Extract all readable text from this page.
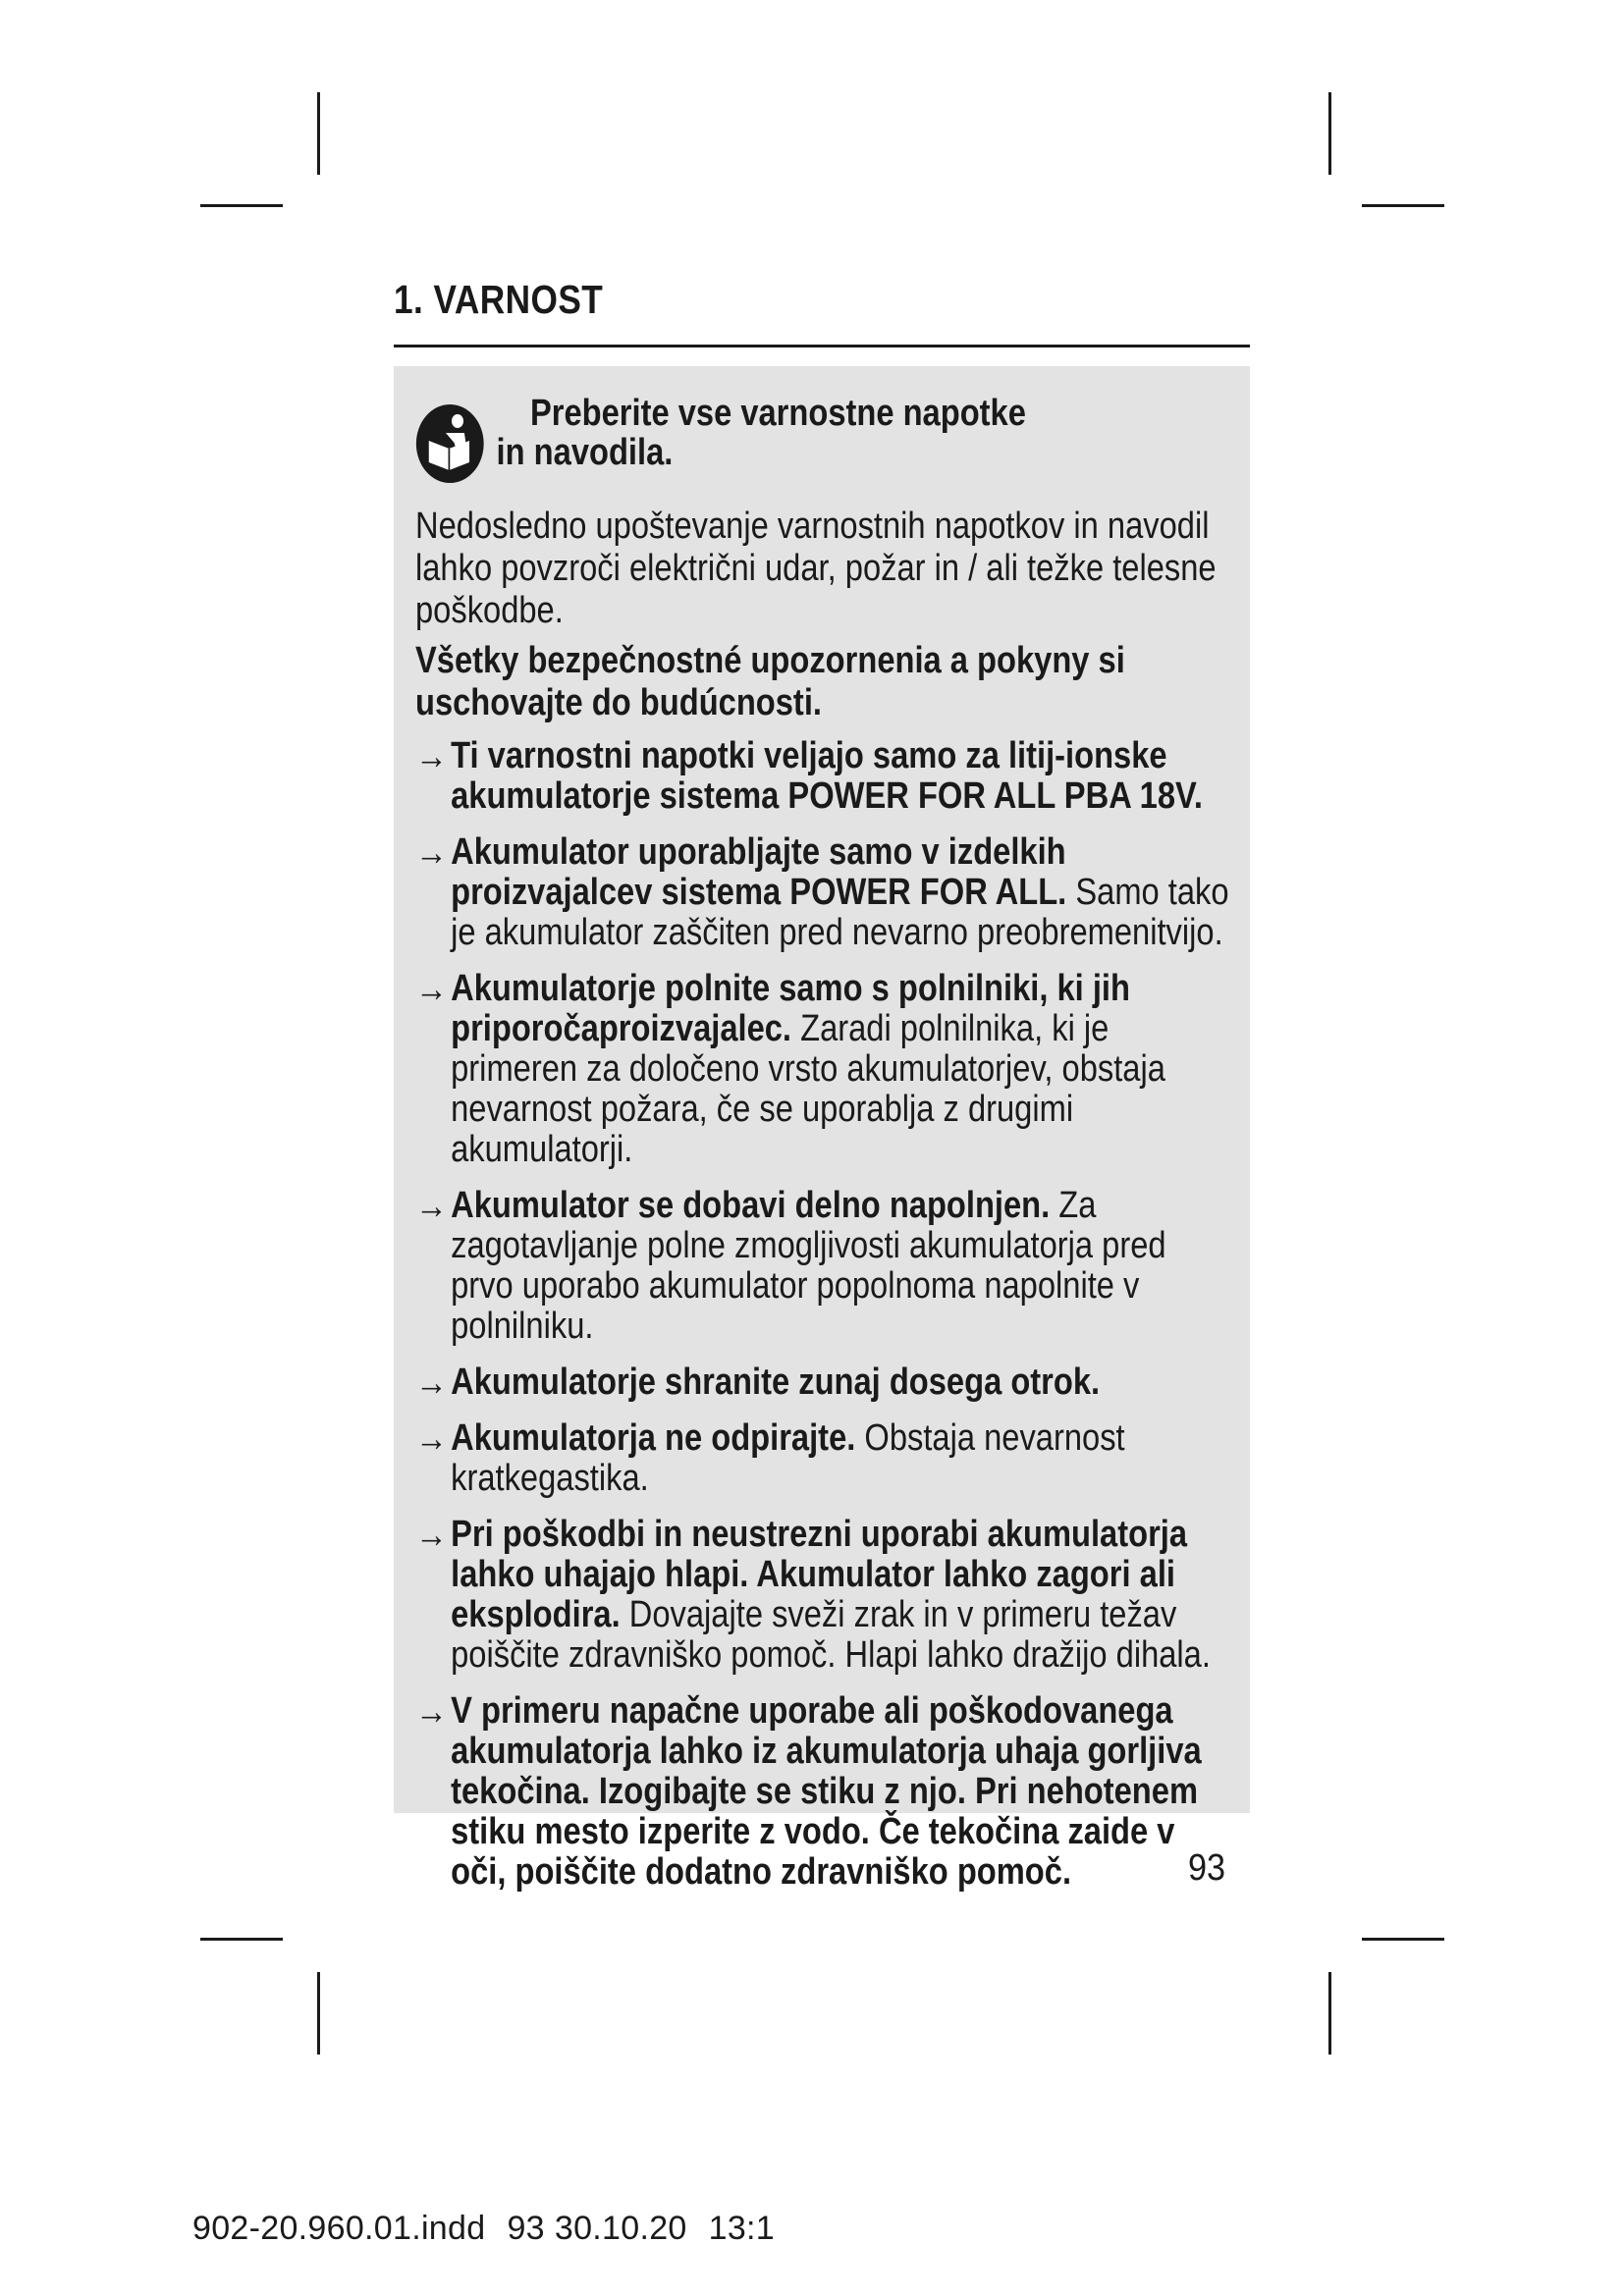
1. VARNOST
Preberite vse varnostne napotke
in navodila.

Nedosledno upoštevanje varnostnih napotkov in navodil lahko povzroči električni udar, požar in / ali težke telesne poškodbe.

Všetky bezpečnostné upozornenia a pokyny si uschovajte do budúcnosti.

→ Ti varnostni napotki veljajo samo za litij-ionske akumulatorje sistema POWER FOR ALL PBA 18V.
→ Akumulator uporabljajte samo v izdelkih proizvajalcev sistema POWER FOR ALL. Samo tako je akumulator zaščiten pred nevarno preobremenitvijo.
→ Akumulatorje polnite samo s polnilniki, ki jih priporočaproizvajalec. Zaradi polnilnika, ki je primeren za določeno vrsto akumulatorjev, obstaja nevarnost požara, če se uporablja z drugimi akumulatorji.
→ Akumulator se dobavi delno napolnjen. Za zagotavljanje polne zmogljivosti akumulatorja pred prvo uporabo akumulator popolnoma napolnite v polnilniku.
→ Akumulatorje shranite zunaj dosega otrok.
→ Akumulatorja ne odpirajte. Obstaja nevarnost kratkegastika.
→ Pri poškodbi in neustrezni uporabi akumulatorja lahko uhajajo hlapi. Akumulator lahko zagori ali eksplodira. Dovajajte sveži zrak in v primeru težav poiščite zdravniško pomoč. Hlapi lahko dražijo dihala.
→ V primeru napačne uporabe ali poškodovanega akumulatorja lahko iz akumulatorja uhaja gorljiva tekočina. Izogibajte se stiku z njo. Pri nehotenem stiku mesto izperite z vodo. Če tekočina zaide v oči, poiščite dodatno zdravniško pomoč.	93
902-20.960.01.indd 93 30.10.20 13:1
